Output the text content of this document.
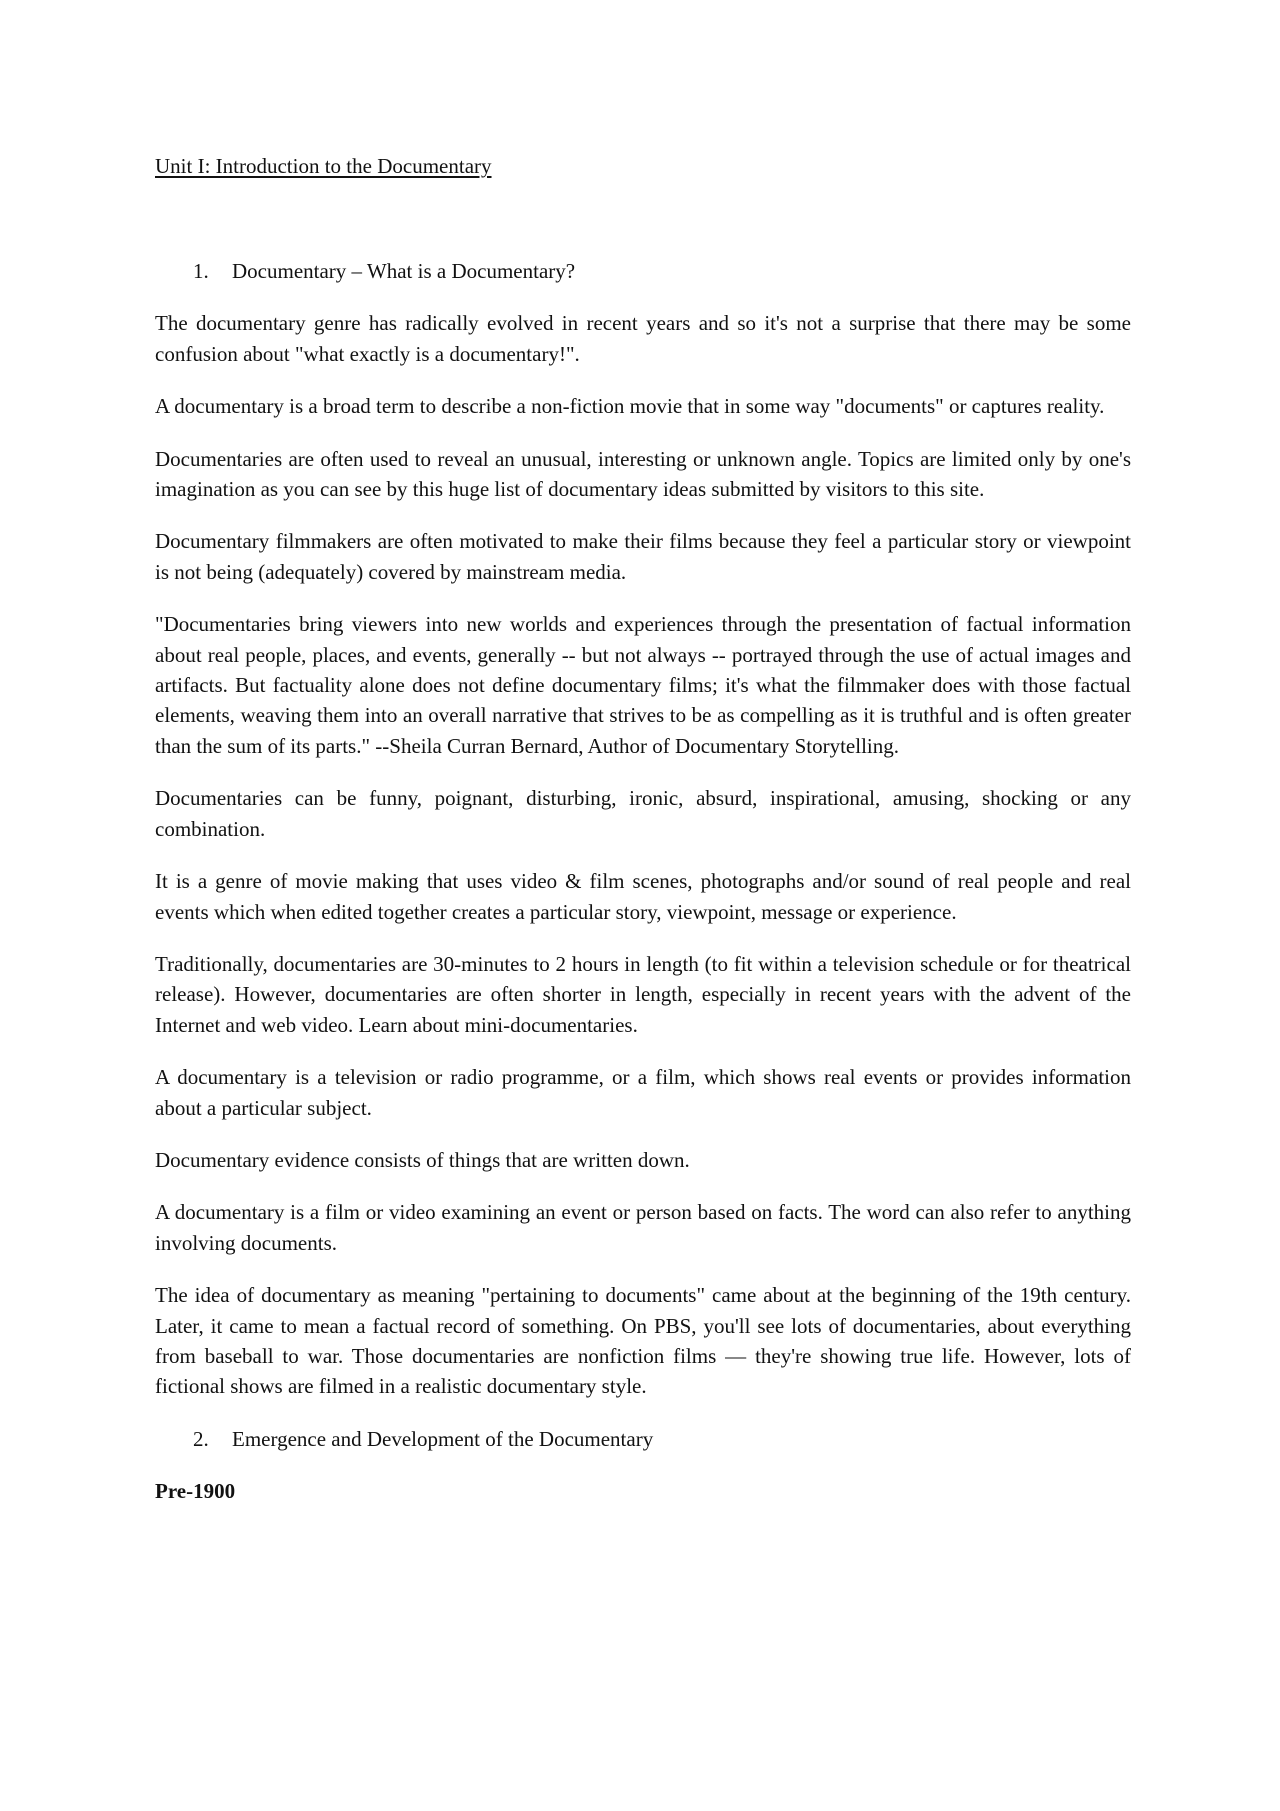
Unit I: Introduction to the Documentary
1.	Documentary – What is a Documentary?

The documentary genre has radically evolved in recent years and so it's not a surprise that there may be some confusion about "what exactly is a documentary!".

A documentary is a broad term to describe a non-fiction movie that in some way "documents" or captures reality.

Documentaries are often used to reveal an unusual, interesting or unknown angle. Topics are limited only by one's imagination as you can see by this huge list of documentary ideas submitted by visitors to this site.

Documentary filmmakers are often motivated to make their films because they feel a particular story or viewpoint is not being (adequately) covered by mainstream media.

"Documentaries bring viewers into new worlds and experiences through the presentation of factual information about real people, places, and events, generally -- but not always -- portrayed through the use of actual images and artifacts. But factuality alone does not define documentary films; it's what the filmmaker does with those factual elements, weaving them into an overall narrative that strives to be as compelling as it is truthful and is often greater than the sum of its parts." --Sheila Curran Bernard, Author of Documentary Storytelling.

Documentaries can be funny, poignant, disturbing, ironic, absurd, inspirational, amusing, shocking or any combination.

It is a genre of movie making that uses video & film scenes, photographs and/or sound of real people and real events which when edited together creates a particular story, viewpoint, message or experience.

Traditionally, documentaries are 30-minutes to 2 hours in length (to fit within a television schedule or for theatrical release). However, documentaries are often shorter in length, especially in recent years with the advent of the Internet and web video. Learn about mini-documentaries.

A documentary is a television or radio programme, or a film, which shows real events or provides information about a particular subject.

Documentary evidence consists of things that are written down.

A documentary is a film or video examining an event or person based on facts. The word can also refer to anything involving documents.

The idea of documentary as meaning "pertaining to documents" came about at the beginning of the 19th century. Later, it came to mean a factual record of something. On PBS, you'll see lots of documentaries, about everything from baseball to war. Those documentaries are nonfiction films — they're showing true life. However, lots of fictional shows are filmed in a realistic documentary style.

2.	Emergence and Development of the Documentary

Pre-1900
